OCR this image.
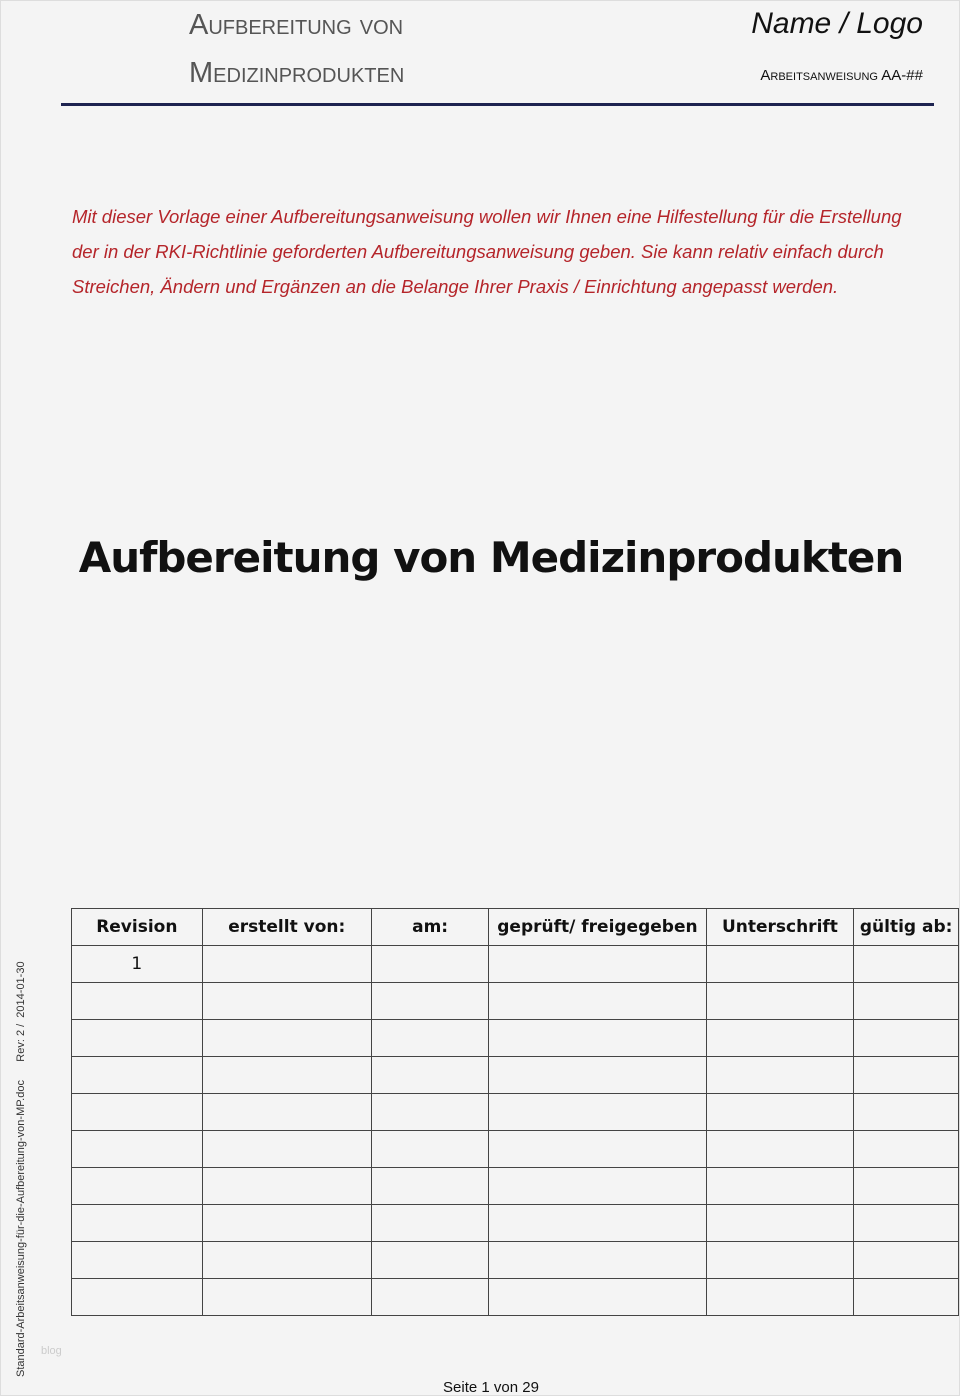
Aufbereitung von
Medizinprodukten
Name / Logo
Arbeitsanweisung AA-##
Mit dieser Vorlage einer Aufbereitungsanweisung wollen wir Ihnen eine Hilfestellung für die Erstellung der in der RKI-Richtlinie geforderten Aufbereitungsanweisung geben. Sie kann relativ einfach durch Streichen, Ändern und Ergänzen an die Belange Ihrer Praxis / Einrichtung angepasst werden.
Aufbereitung von Medizinprodukten
Revision	erstellt von:	am:	geprüft/ freigegeben	Unterschrift	gültig ab:
1					

Standard-Arbeitsanweisung-für-die-Aufbereitung-von-MP.doc      Rev: 2 /  2014-01-30 blog
Seite 1 von 29
